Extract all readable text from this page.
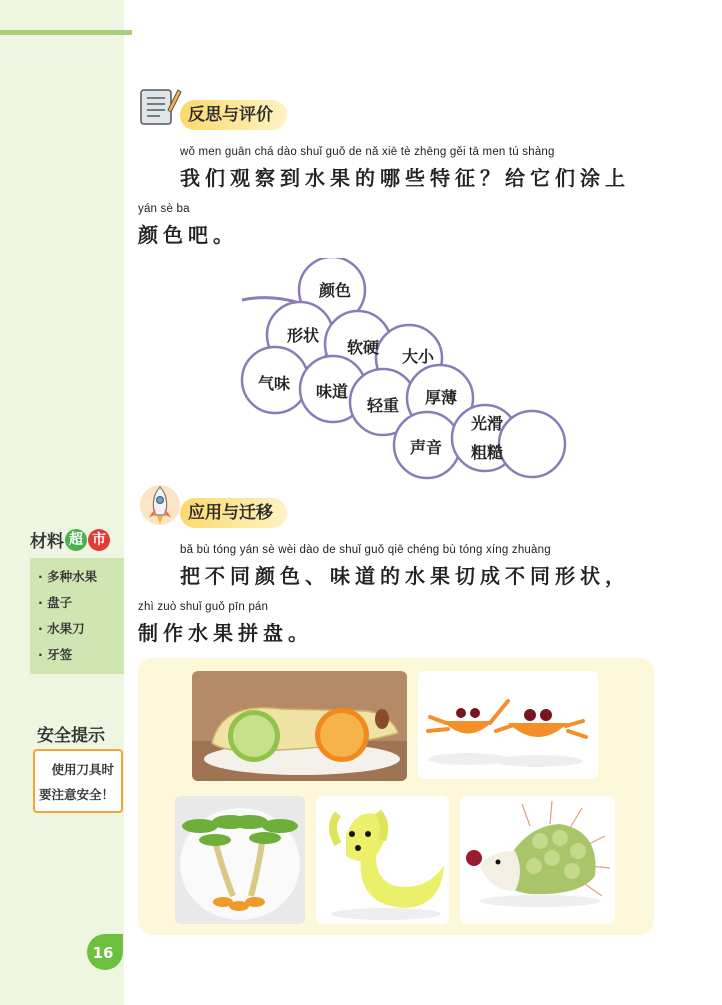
反思与评价
wǒ men guān chá dào shuǐ guǒ de nǎ xiē tè zhēng gěi tā men tú shàng
我们观察到水果的哪些特征？给它们涂上
yán sè ba
颜色吧。
颜色
形状
软硬 大小
气味 味道
轻重 厚薄
声音
光滑
粗糙
应用与迁移
bǎ bù tóng yán sè wèi dào de shuǐ guǒ qiē chéng bù tóng xíng zhuàng
把不同颜色、味道的水果切成不同形状，
zhì zuò shuǐ guǒ pīn pán
制作水果拼盘。
材 料 超 市
· 多种水果
· 盘子
· 水果刀
· 牙签
安全提示
　使用刀具时要注意安全！
16
